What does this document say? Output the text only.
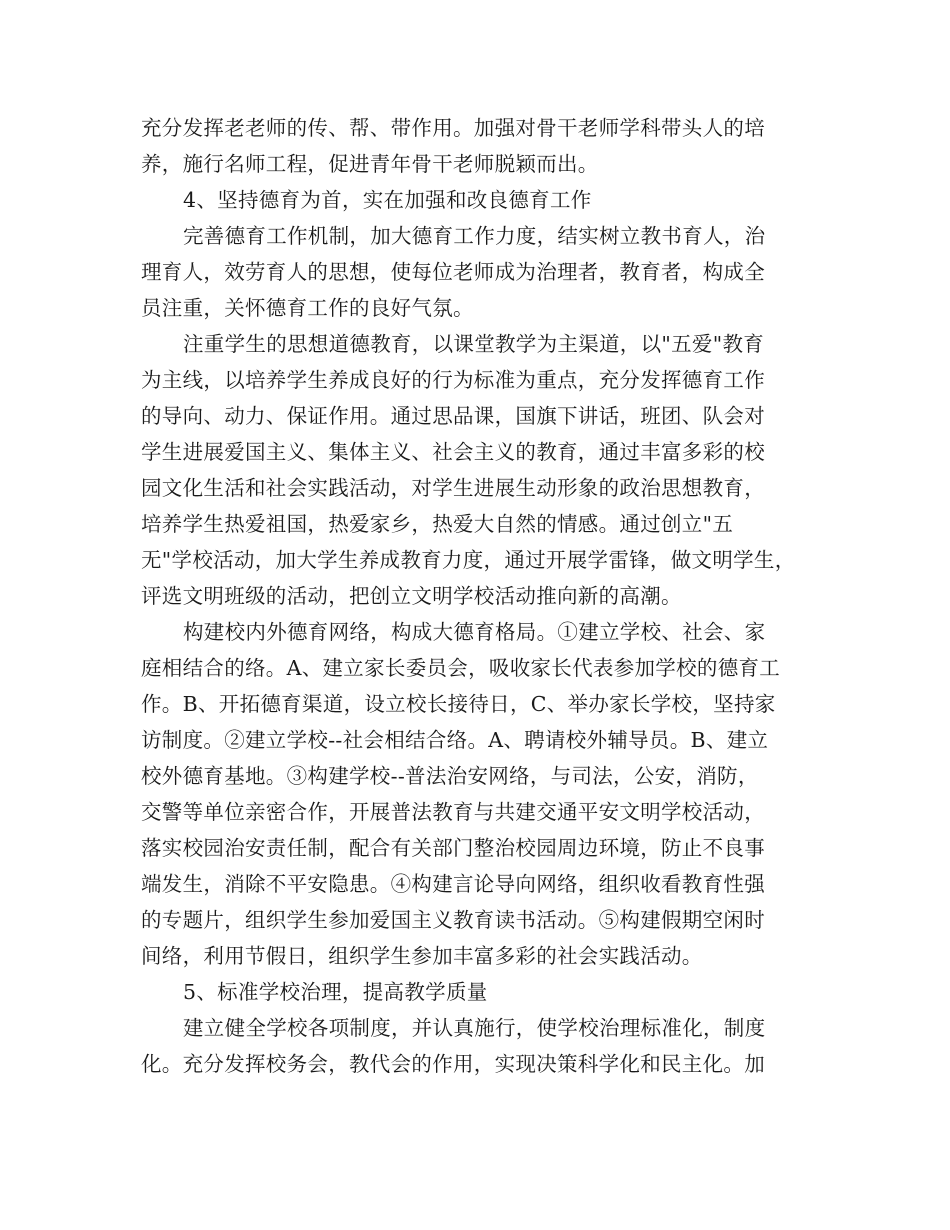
充分发挥老老师的传、帮、带作用。加强对骨干老师学科带头人的培
养，施行名师工程，促进青年骨干老师脱颖而出。
4、坚持德育为首，实在加强和改良德育工作
完善德育工作机制，加大德育工作力度，结实树立教书育人，治
理育人，效劳育人的思想，使每位老师成为治理者，教育者，构成全
员注重，关怀德育工作的良好气氛。
注重学生的思想道德教育，以课堂教学为主渠道，以"五爱"教育
为主线，以培养学生养成良好的行为标准为重点，充分发挥德育工作
的导向、动力、保证作用。通过思品课，国旗下讲话，班团、队会对
学生进展爱国主义、集体主义、社会主义的教育，通过丰富多彩的校
园文化生活和社会实践活动，对学生进展生动形象的政治思想教育，
培养学生热爱祖国，热爱家乡，热爱大自然的情感。通过创立"五
无"学校活动，加大学生养成教育力度，通过开展学雷锋，做文明学生，
评选文明班级的活动，把创立文明学校活动推向新的高潮。
构建校内外德育网络，构成大德育格局。①建立学校、社会、家
庭相结合的络。A、建立家长委员会，吸收家长代表参加学校的德育工
作。B、开拓德育渠道，设立校长接待日，C、举办家长学校，坚持家
访制度。②建立学校--社会相结合络。A、聘请校外辅导员。B、建立
校外德育基地。③构建学校--普法治安网络，与司法，公安，消防，
交警等单位亲密合作，开展普法教育与共建交通平安文明学校活动，
落实校园治安责任制，配合有关部门整治校园周边环境，防止不良事
端发生，消除不平安隐患。④构建言论导向网络，组织收看教育性强
的专题片，组织学生参加爱国主义教育读书活动。⑤构建假期空闲时
间络，利用节假日，组织学生参加丰富多彩的社会实践活动。
5、标准学校治理，提高教学质量
建立健全学校各项制度，并认真施行，使学校治理标准化，制度
化。充分发挥校务会，教代会的作用，实现决策科学化和民主化。加
